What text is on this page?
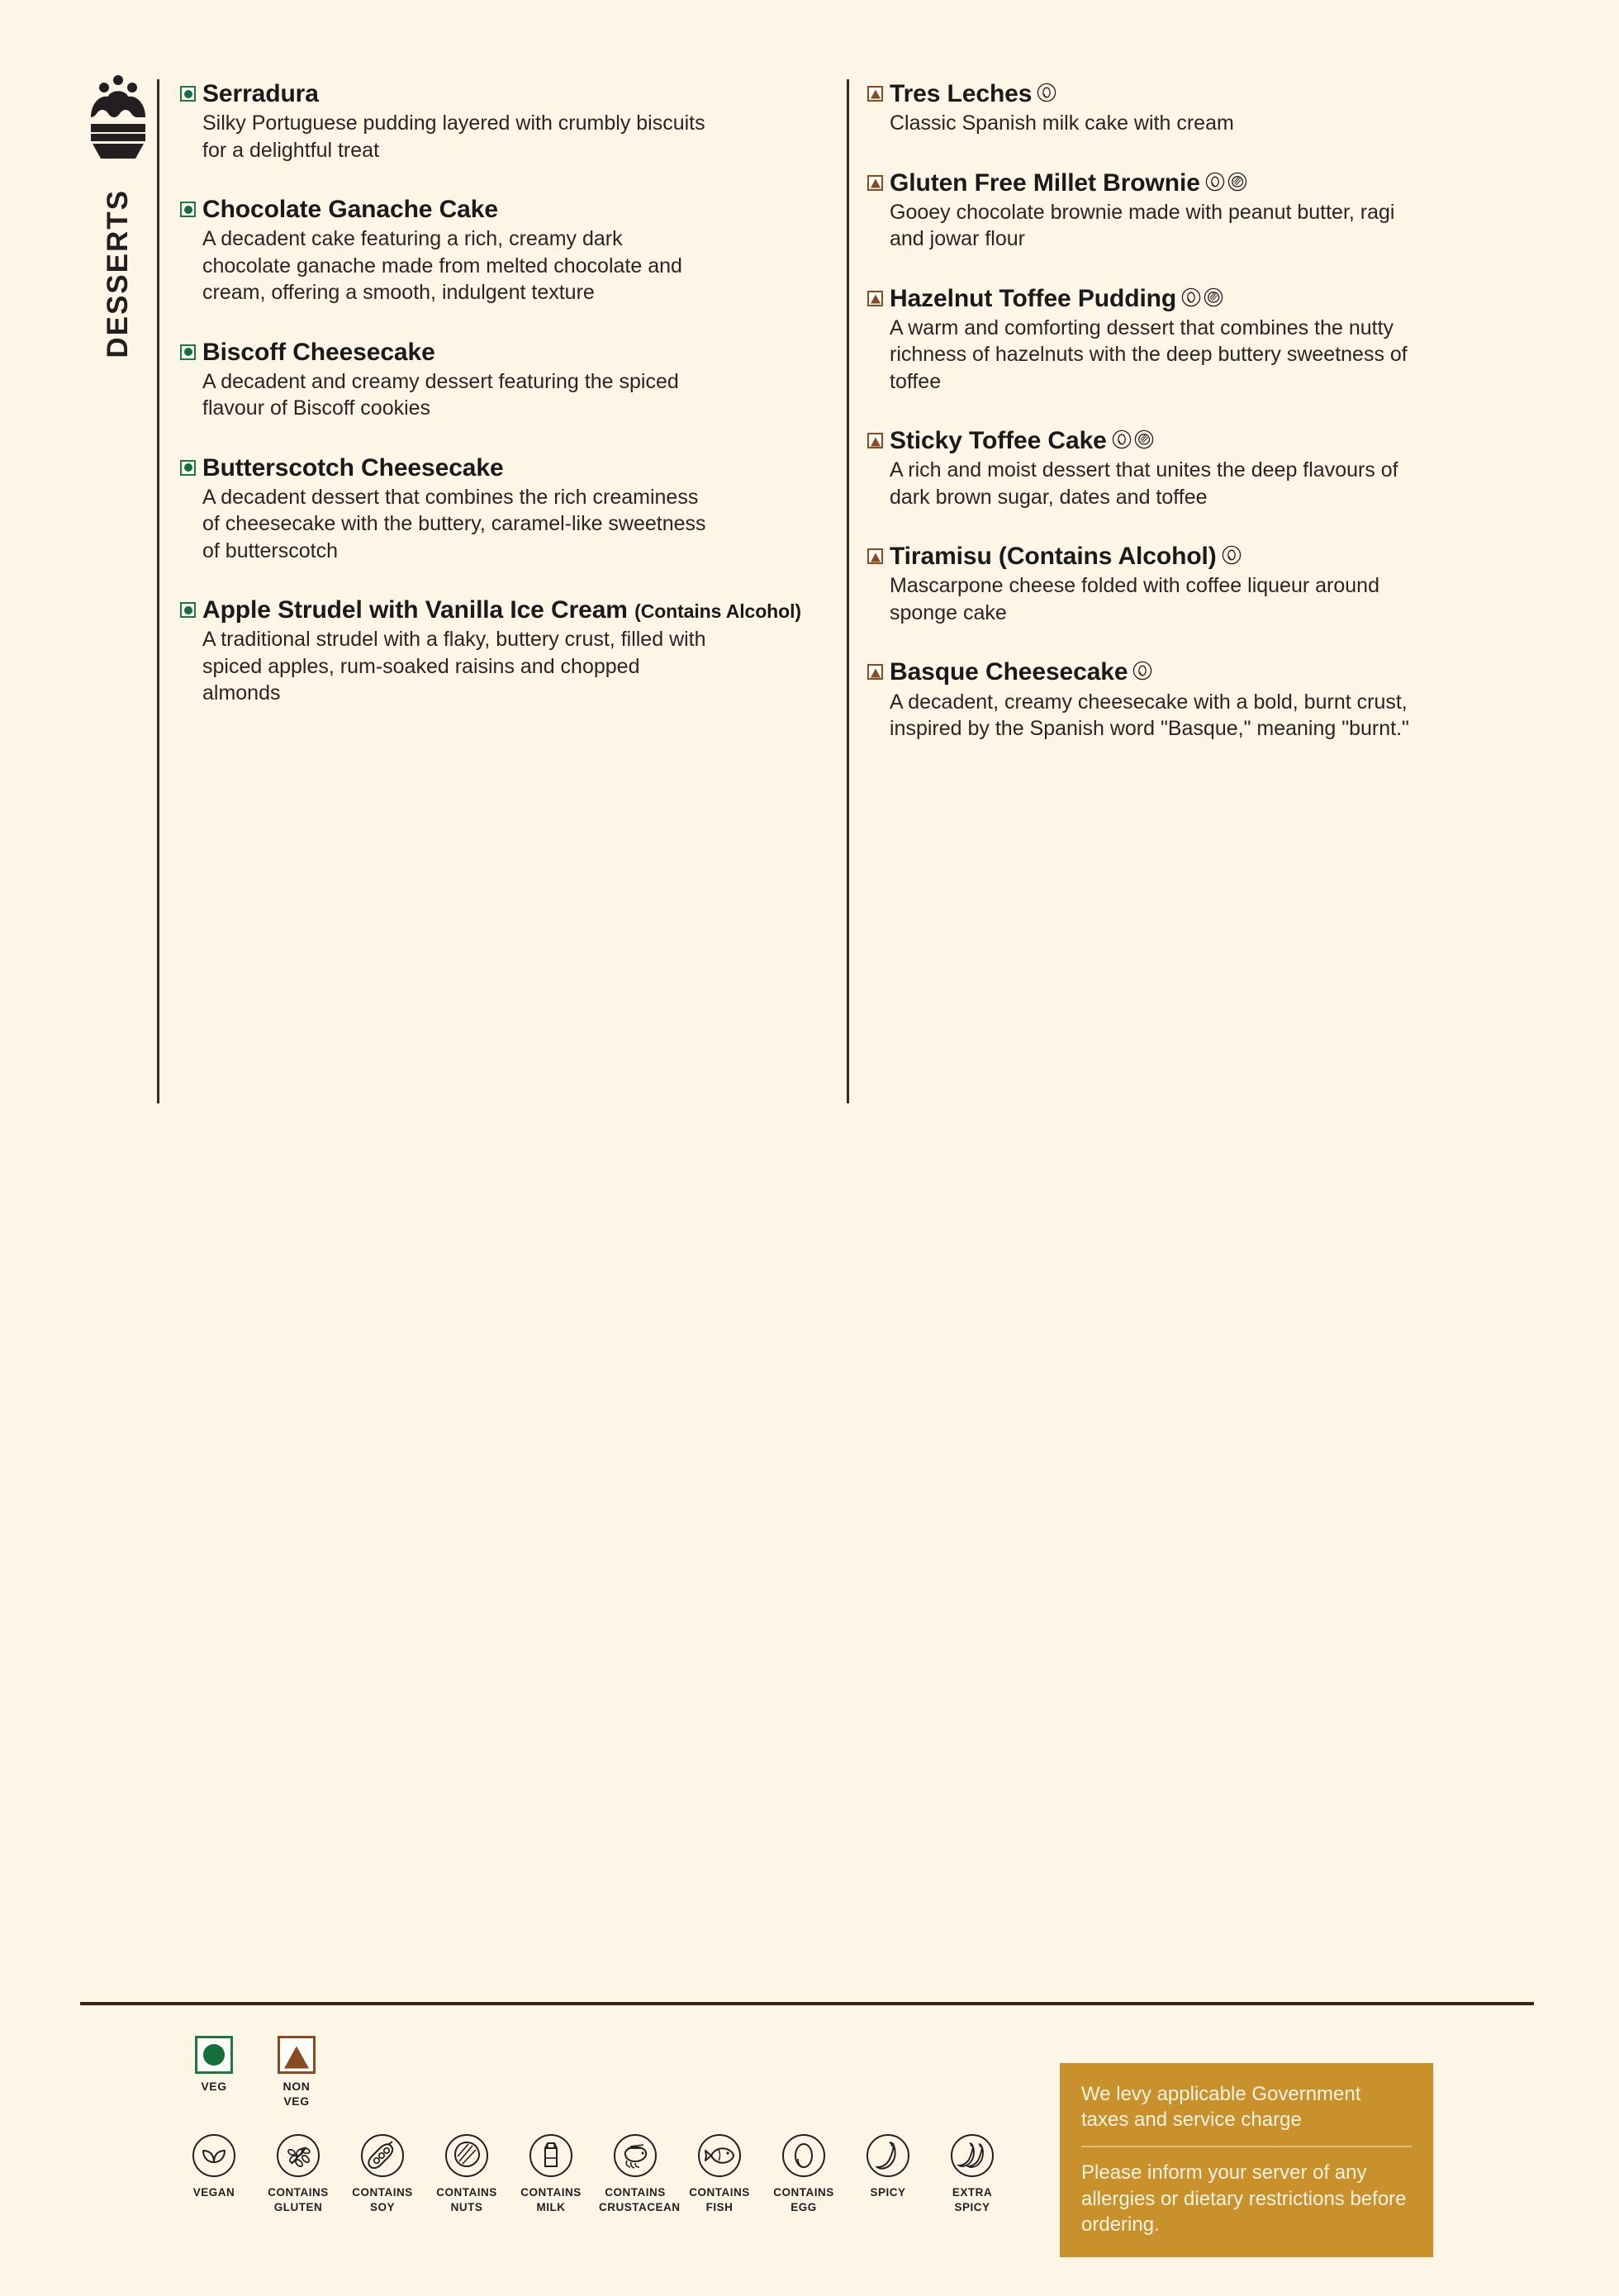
DESSERTS
Serradura
Silky Portuguese pudding layered with crumbly biscuits for a delightful treat
Chocolate Ganache Cake
A decadent cake featuring a rich, creamy dark chocolate ganache made from melted chocolate and cream, offering a smooth, indulgent texture
Biscoff Cheesecake
A decadent and creamy dessert featuring the spiced flavour of Biscoff cookies
Butterscotch Cheesecake
A decadent dessert that combines the rich creaminess of cheesecake with the buttery, caramel-like sweetness of butterscotch
Apple Strudel with Vanilla Ice Cream (Contains Alcohol)
A traditional strudel with a flaky, buttery crust, filled with spiced apples, rum-soaked raisins and chopped almonds
Tres Leches
Classic Spanish milk cake with cream
Gluten Free Millet Brownie
Gooey chocolate brownie made with peanut butter, ragi and jowar flour
Hazelnut Toffee Pudding
A warm and comforting dessert that combines the nutty richness of hazelnuts with the deep buttery sweetness of toffee
Sticky Toffee Cake
A rich and moist dessert that unites the deep flavours of dark brown sugar, dates and toffee
Tiramisu (Contains Alcohol)
Mascarpone cheese folded with coffee liqueur around sponge cake
Basque Cheesecake
A decadent, creamy cheesecake with a bold, burnt crust, inspired by the Spanish word "Basque," meaning "burnt."
VEG	NON
VEG
VEGAN	CONTAINS
GLUTEN
CONTAINS
SOY
CONTAINS
NUTS
CONTAINS
MILK
CONTAINS
CRUSTACEAN
CONTAINS
FISH
CONTAINS
EGG
SPICY	EXTRA
SPICY
We levy applicable Government taxes and service charge
Please inform your server of any allergies or dietary restrictions before ordering.
